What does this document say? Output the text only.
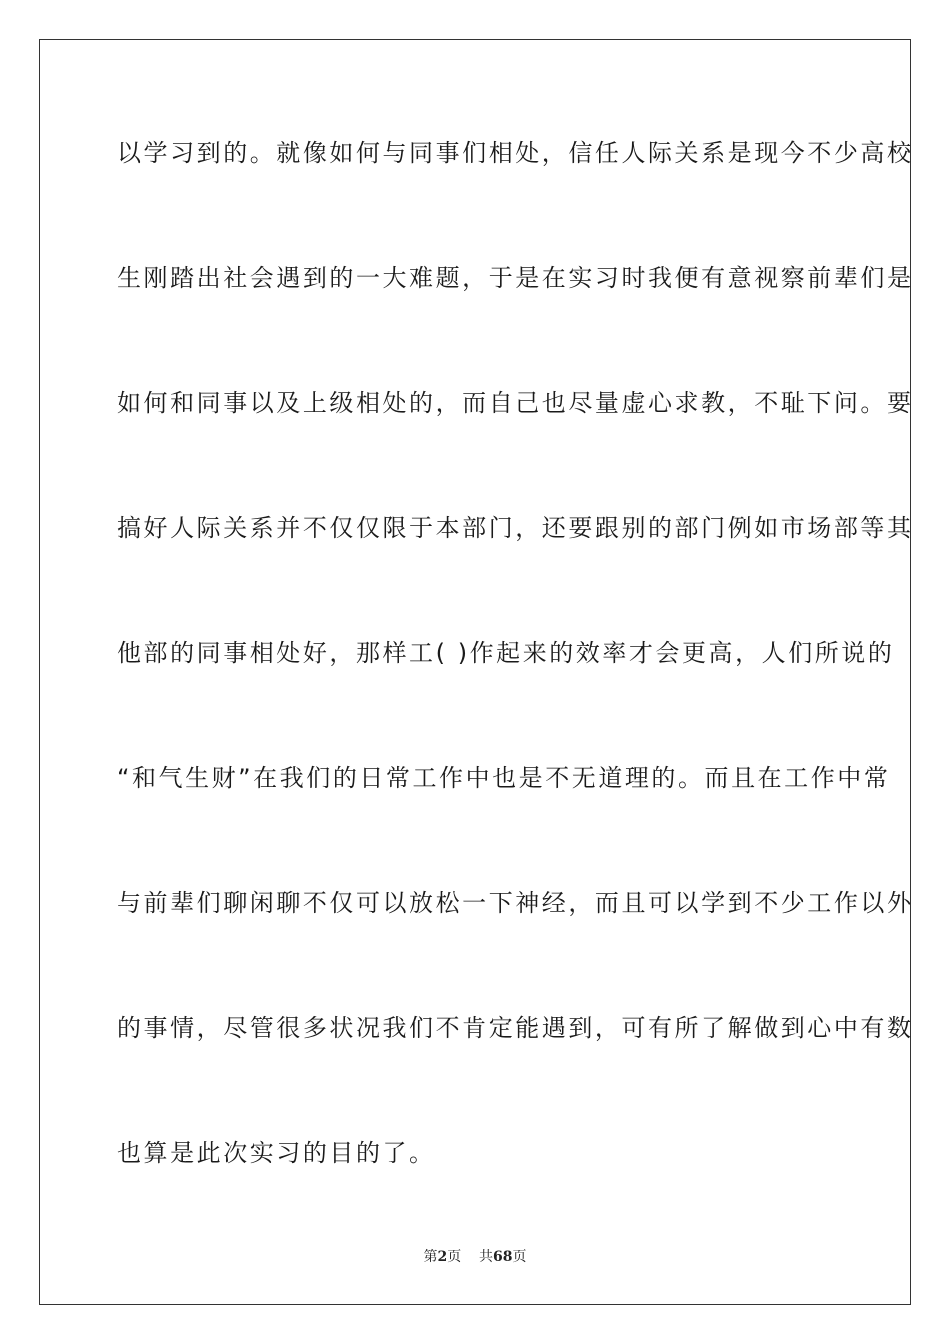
以学习到的。就像如何与同事们相处，信任人际关系是现今不少高校
生刚踏出社会遇到的一大难题，于是在实习时我便有意视察前辈们是
如何和同事以及上级相处的，而自己也尽量虚心求教，不耻下问。要
搞好人际关系并不仅仅限于本部门，还要跟别的部门例如市场部等其
他部的同事相处好，那样工( )作起来的效率才会更高，人们所说的
“和气生财”在我们的日常工作中也是不无道理的。而且在工作中常
与前辈们聊闲聊不仅可以放松一下神经，而且可以学到不少工作以外
的事情，尽管很多状况我们不肯定能遇到，可有所了解做到心中有数
也算是此次实习的目的了。
第2页 共68页
